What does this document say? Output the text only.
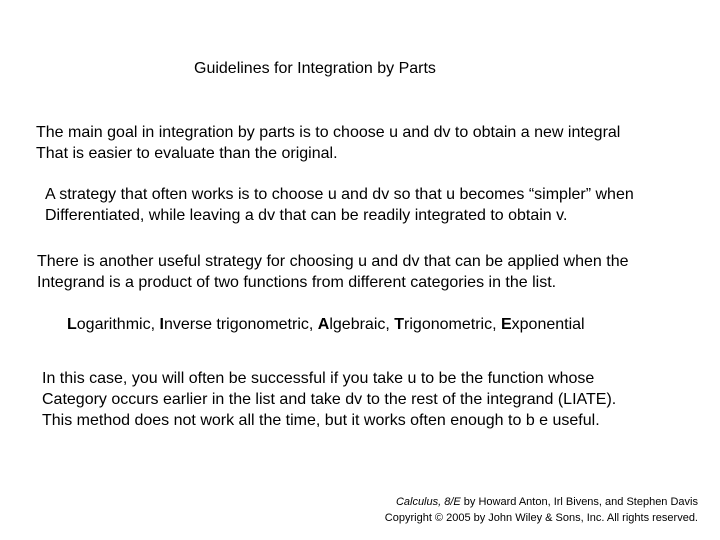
Guidelines for Integration by Parts
The main goal in integration by parts is to choose u and dv to obtain a new integral
That is easier to evaluate than the original.
A strategy that often works is to choose u and dv so that u becomes “simpler” when
Differentiated, while leaving a dv that can be readily integrated to obtain v.
There is another useful strategy for choosing u and dv that can be applied when the
Integrand is a product of two functions from different categories in the list.
Logarithmic, Inverse trigonometric, Algebraic, Trigonometric, Exponential
In this case, you will often be successful if you take u to be the function whose
Category occurs earlier in the list and take dv to the rest of the integrand (LIATE).
This method does not work all the time, but it works often enough to b e useful.
Calculus, 8/E by Howard Anton, Irl Bivens, and Stephen Davis
Copyright © 2005 by John Wiley & Sons, Inc. All rights reserved.
